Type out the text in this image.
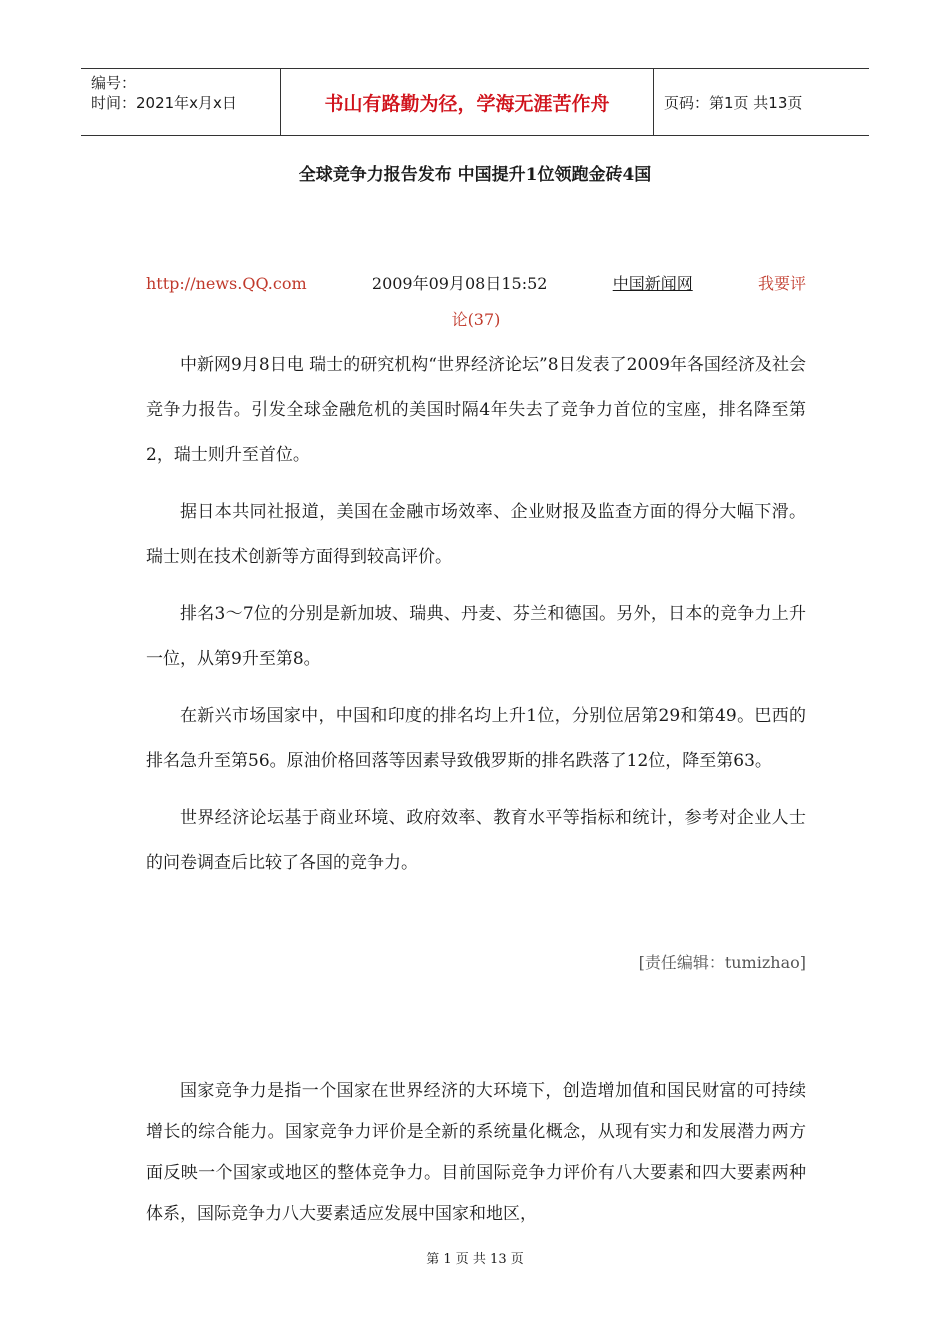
编号：
时间：2021年x月x日	书山有路勤为径，学海无涯苦作舟	页码：第1页 共13页
全球竞争力报告发布 中国提升1位领跑金砖4国
http://news.QQ.com	2009年09月08日15:52	中国新闻网	我要评
论(37)

中新网9月8日电 瑞士的研究机构“世界经济论坛”8日发表了2009年各国经济及社会竞争力报告。引发全球金融危机的美国时隔4年失去了竞争力首位的宝座，排名降至第2，瑞士则升至首位。

据日本共同社报道，美国在金融市场效率、企业财报及监查方面的得分大幅下滑。瑞士则在技术创新等方面得到较高评价。

排名3～7位的分别是新加坡、瑞典、丹麦、芬兰和德国。另外，日本的竞争力上升一位，从第9升至第8。

在新兴市场国家中，中国和印度的排名均上升1位，分别位居第29和第49。巴西的排名急升至第56。原油价格回落等因素导致俄罗斯的排名跌落了12位，降至第63。

世界经济论坛基于商业环境、政府效率、教育水平等指标和统计，参考对企业人士的问卷调查后比较了各国的竞争力。

[责任编辑：tumizhao]

国家竞争力是指一个国家在世界经济的大环境下，创造增加值和国民财富的可持续增长的综合能力。国家竞争力评价是全新的系统量化概念，从现有实力和发展潜力两方面反映一个国家或地区的整体竞争力。目前国际竞争力评价有八大要素和四大要素两种体系，国际竞争力八大要素适应发展中国家和地区，

第 1 页 共 13 页
